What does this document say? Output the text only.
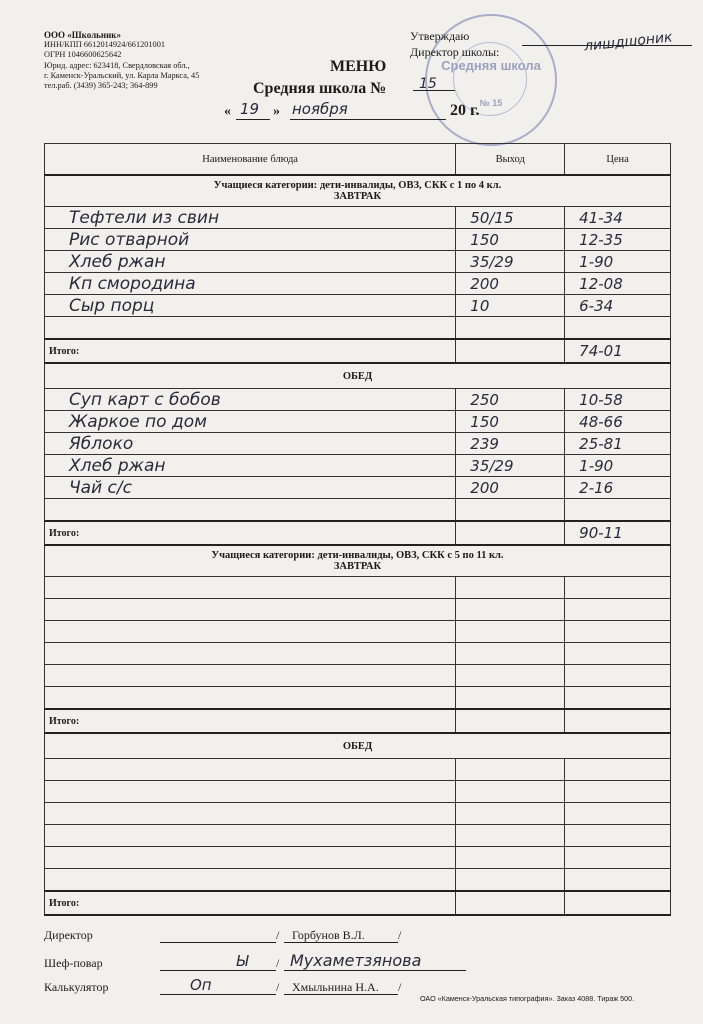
ООО «Школьник»
ИНН/КПП 6612014924/661201001
ОГРН 1046600625642
Юрид. адрес: 623418, Свердловская обл.,
г. Каменск-Уральский, ул. Карла Маркса, 45
тел.раб. (3439) 365-243; 364-899
Средняя школа
№ 15
Утверждаю
Директор школы:	лишдшоник
МЕНЮ
Средняя школа № 15
« 19 » ноября	20 г.
Наименование блюда	Выход	Цена

Учащиеся категории: дети-инвалиды, ОВЗ, СКК с 1 по 4 кл.
ЗАВТРАК		

Тефтели из свин	50/15	41-34
Рис отварной	150	12-35
Хлеб ржан	35/29	1-90
Кп смородина	200	12-08
Сыр порц	10	6-34

Итого:		74-01

ОБЕД		

Суп карт с бобов	250	10-58
Жаркое по дом	150	48-66
Яблоко	239	25-81
Хлеб ржан	35/29	1-90
Чай с/с	200	2-16

Итого:		90-11

Учащиеся категории: дети-инвалиды, ОВЗ, СКК с 5 по 11 кл.
ЗАВТРАК		

Итого:		

ОБЕД		

Итого:		
Директор	/ Горбунов В.Л.	/
Шеф-повар	Ы / Мухаметзянова
Калькулятор	Оп	/ Хмыльнина Н.А. /
ОАО «Каменск-Уральская типография». Заказ 4088. Тираж 500.
